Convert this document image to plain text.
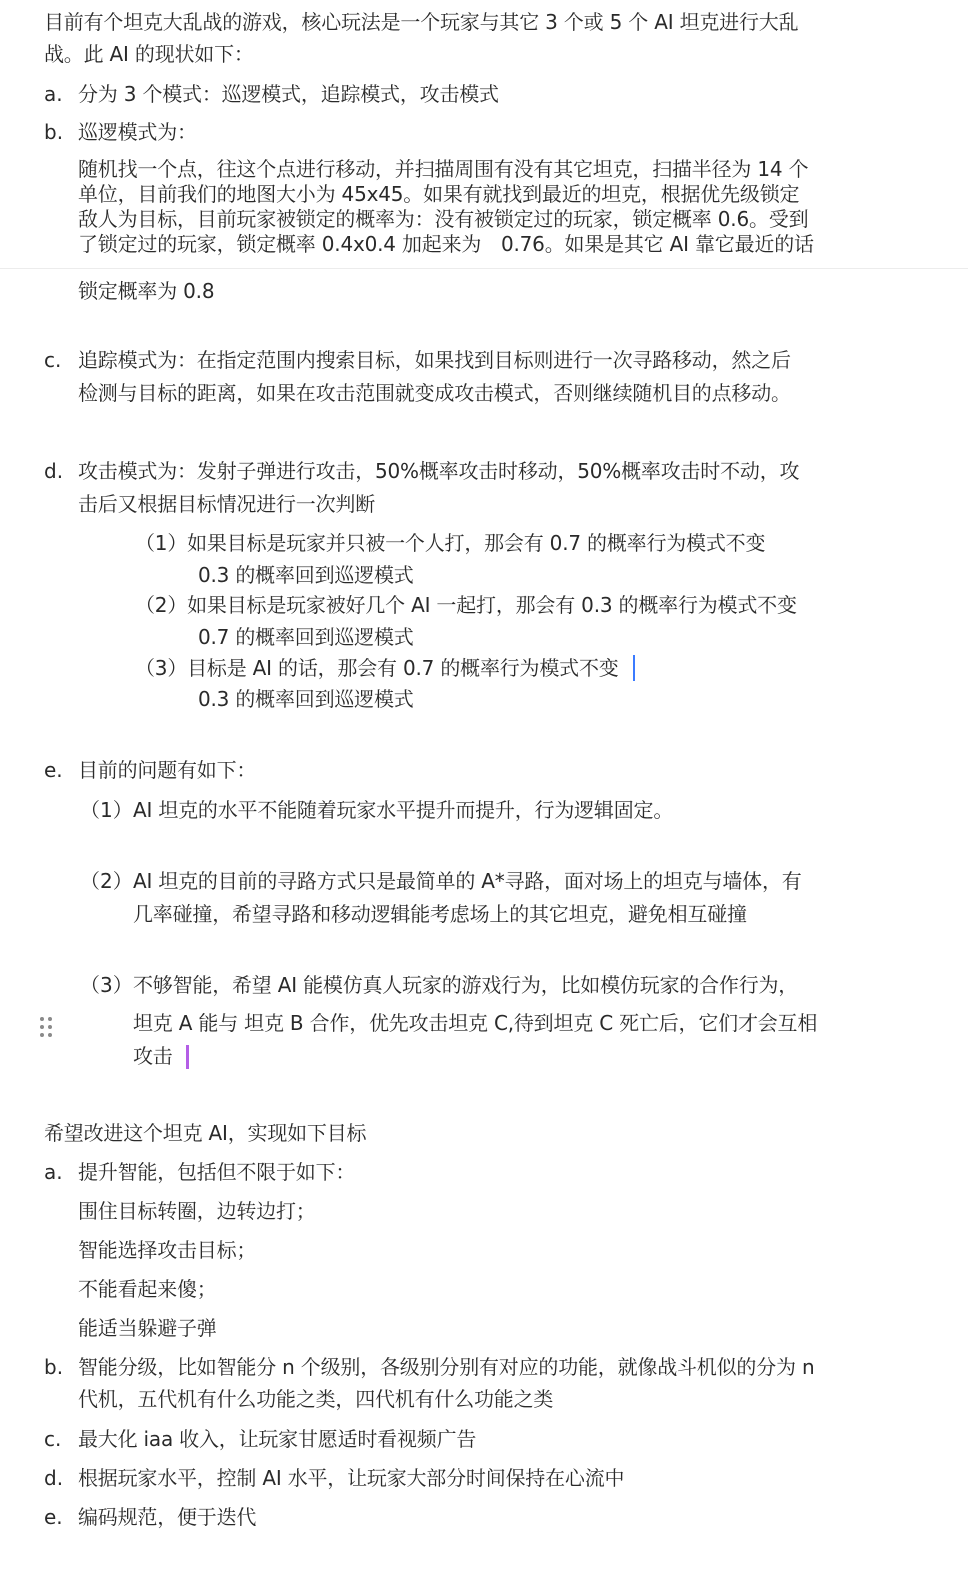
目前有个坦克大乱战的游戏，核心玩法是一个玩家与其它 3 个或 5 个 AI 坦克进行大乱
战。此 AI 的现状如下：
a. 分为 3 个模式：巡逻模式，追踪模式，攻击模式
b. 巡逻模式为：
随机找一个点，往这个点进行移动，并扫描周围有没有其它坦克，扫描半径为 14 个
单位，目前我们的地图大小为 45x45。如果有就找到最近的坦克，根据优先级锁定
敌人为目标，目前玩家被锁定的概率为：没有被锁定过的玩家，锁定概率 0.6。受到
了锁定过的玩家，锁定概率 0.4x0.4 加起来为　0.76。如果是其它 AI 靠它最近的话
锁定概率为 0.8
c. 追踪模式为：在指定范围内搜索目标，如果找到目标则进行一次寻路移动，然之后
检测与目标的距离，如果在攻击范围就变成攻击模式，否则继续随机目的点移动。
d. 攻击模式为：发射子弹进行攻击，50%概率攻击时移动，50%概率攻击时不动，攻
击后又根据目标情况进行一次判断
（1）如果目标是玩家并只被一个人打，那会有 0.7 的概率行为模式不变
0.3 的概率回到巡逻模式
（2）如果目标是玩家被好几个 AI 一起打，那会有 0.3 的概率行为模式不变
0.7 的概率回到巡逻模式
（3）目标是 AI 的话，那会有 0.7 的概率行为模式不变
0.3 的概率回到巡逻模式
e. 目前的问题有如下：
（1） AI 坦克的水平不能随着玩家水平提升而提升，行为逻辑固定。
（2） AI 坦克的目前的寻路方式只是最简单的 A*寻路，面对场上的坦克与墙体，有
几率碰撞，希望寻路和移动逻辑能考虑场上的其它坦克，避免相互碰撞
（3） 不够智能，希望 AI 能模仿真人玩家的游戏行为，比如模仿玩家的合作行为，
坦克 A 能与 坦克 B 合作，优先攻击坦克 C,待到坦克 C 死亡后，它们才会互相
攻击
希望改进这个坦克 AI，实现如下目标
a. 提升智能，包括但不限于如下：
围住目标转圈，边转边打；
智能选择攻击目标；
不能看起来傻；
能适当躲避子弹
b. 智能分级，比如智能分 n 个级别，各级别分别有对应的功能，就像战斗机似的分为 n
代机，五代机有什么功能之类，四代机有什么功能之类
c. 最大化 iaa 收入，让玩家甘愿适时看视频广告
d. 根据玩家水平，控制 AI 水平，让玩家大部分时间保持在心流中
e. 编码规范，便于迭代
